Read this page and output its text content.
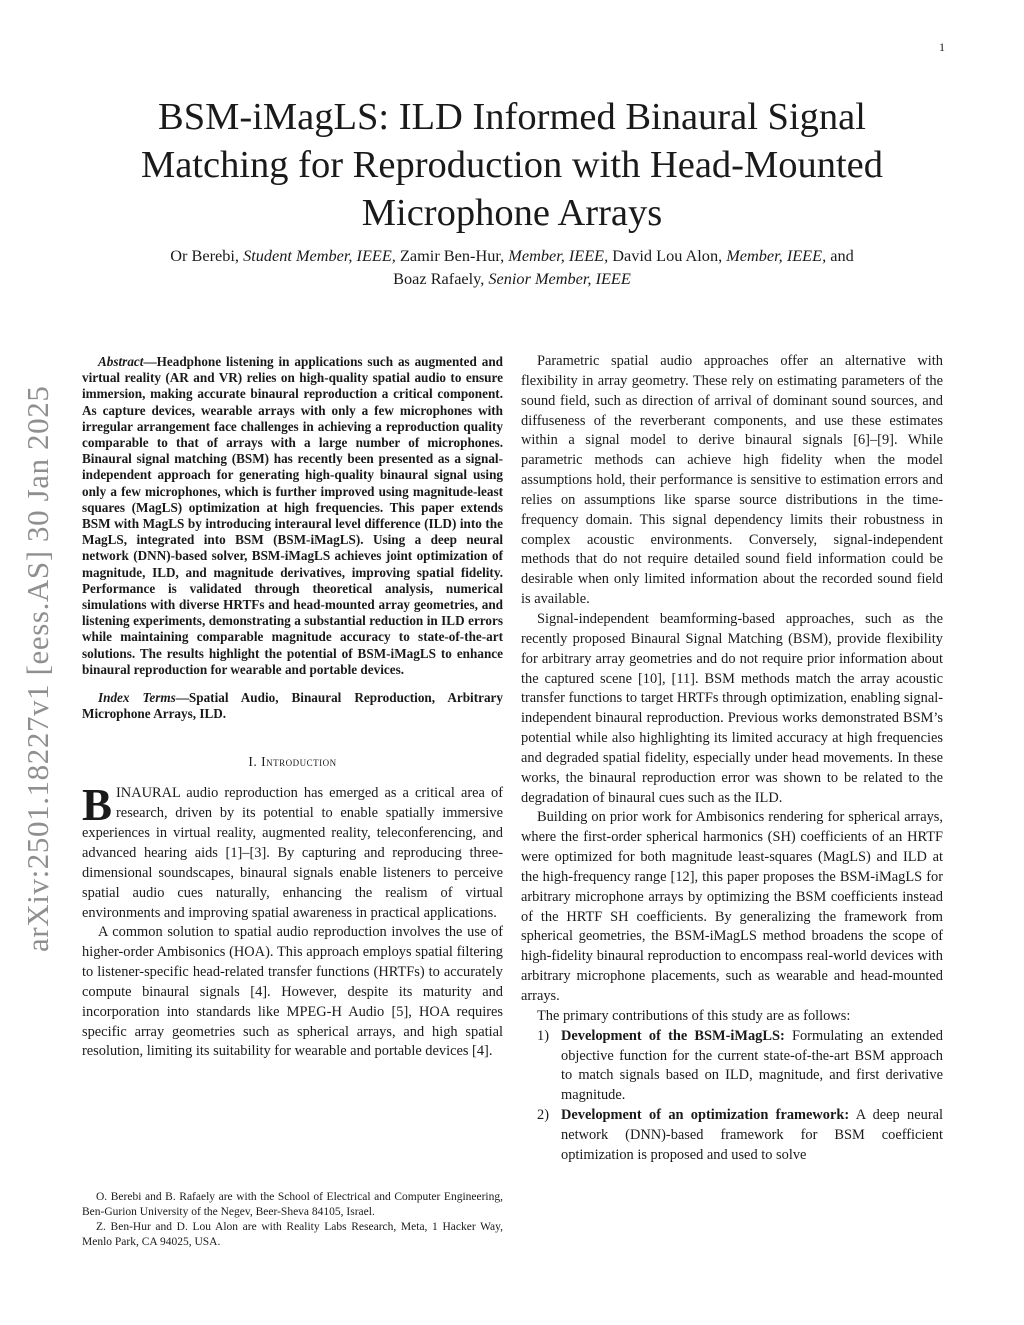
1
arXiv:2501.18227v1 [eess.AS] 30 Jan 2025
BSM-iMagLS: ILD Informed Binaural Signal Matching for Reproduction with Head-Mounted Microphone Arrays
Or Berebi, Student Member, IEEE, Zamir Ben-Hur, Member, IEEE, David Lou Alon, Member, IEEE, and
Boaz Rafaely, Senior Member, IEEE

Abstract—Headphone listening in applications such as augmented and virtual reality (AR and VR) relies on high-quality spatial audio to ensure immersion, making accurate binaural reproduction a critical component. As capture devices, wearable arrays with only a few microphones with irregular arrangement face challenges in achieving a reproduction quality comparable to that of arrays with a large number of microphones. Binaural signal matching (BSM) has recently been presented as a signal-independent approach for generating high-quality binaural signal using only a few microphones, which is further improved using magnitude-least squares (MagLS) optimization at high frequencies. This paper extends BSM with MagLS by introducing interaural level difference (ILD) into the MagLS, integrated into BSM (BSM-iMagLS). Using a deep neural network (DNN)-based solver, BSM-iMagLS achieves joint optimization of magnitude, ILD, and magnitude derivatives, improving spatial fidelity. Performance is validated through theoretical analysis, numerical simulations with diverse HRTFs and head-mounted array geometries, and listening experiments, demonstrating a substantial reduction in ILD errors while maintaining comparable magnitude accuracy to state-of-the-art solutions. The results highlight the potential of BSM-iMagLS to enhance binaural reproduction for wearable and portable devices.

Index Terms—Spatial Audio, Binaural Reproduction, Arbitrary Microphone Arrays, ILD.

I. Introduction

BINAURAL audio reproduction has emerged as a critical area of research, driven by its potential to enable spatially immersive experiences in virtual reality, augmented reality, teleconferencing, and advanced hearing aids [1]–[3]. By capturing and reproducing three-dimensional soundscapes, binaural signals enable listeners to perceive spatial audio cues naturally, enhancing the realism of virtual environments and improving spatial awareness in practical applications.

A common solution to spatial audio reproduction involves the use of higher-order Ambisonics (HOA). This approach employs spatial filtering to listener-specific head-related transfer functions (HRTFs) to accurately compute binaural signals [4]. However, despite its maturity and incorporation into standards like MPEG-H Audio [5], HOA requires specific array geometries such as spherical arrays, and high spatial resolution, limiting its suitability for wearable and portable devices [4].

O. Berebi and B. Rafaely are with the School of Electrical and Computer Engineering, Ben-Gurion University of the Negev, Beer-Sheva 84105, Israel.

Z. Ben-Hur and D. Lou Alon are with Reality Labs Research, Meta, 1 Hacker Way, Menlo Park, CA 94025, USA.

Parametric spatial audio approaches offer an alternative with flexibility in array geometry. These rely on estimating parameters of the sound field, such as direction of arrival of dominant sound sources, and diffuseness of the reverberant components, and use these estimates within a signal model to derive binaural signals [6]–[9]. While parametric methods can achieve high fidelity when the model assumptions hold, their performance is sensitive to estimation errors and relies on assumptions like sparse source distributions in the time-frequency domain. This signal dependency limits their robustness in complex acoustic environments. Conversely, signal-independent methods that do not require detailed sound field information could be desirable when only limited information about the recorded sound field is available.

Signal-independent beamforming-based approaches, such as the recently proposed Binaural Signal Matching (BSM), provide flexibility for arbitrary array geometries and do not require prior information about the captured scene [10], [11]. BSM methods match the array acoustic transfer functions to target HRTFs through optimization, enabling signal-independent binaural reproduction. Previous works demonstrated BSM’s potential while also highlighting its limited accuracy at high frequencies and degraded spatial fidelity, especially under head movements. In these works, the binaural reproduction error was shown to be related to the degradation of binaural cues such as the ILD.

Building on prior work for Ambisonics rendering for spherical arrays, where the first-order spherical harmonics (SH) coefficients of an HRTF were optimized for both magnitude least-squares (MagLS) and ILD at the high-frequency range [12], this paper proposes the BSM-iMagLS for arbitrary microphone arrays by optimizing the BSM coefficients instead of the HRTF SH coefficients. By generalizing the framework from spherical geometries, the BSM-iMagLS method broadens the scope of high-fidelity binaural reproduction to encompass real-world devices with arbitrary microphone placements, such as wearable and head-mounted arrays.

The primary contributions of this study are as follows:

1) Development of the BSM-iMagLS: Formulating an extended objective function for the current state-of-the-art BSM approach to match signals based on ILD, magnitude, and first derivative magnitude.
2) Development of an optimization framework: A deep neural network (DNN)-based framework for BSM coefficient optimization is proposed and used to solve
